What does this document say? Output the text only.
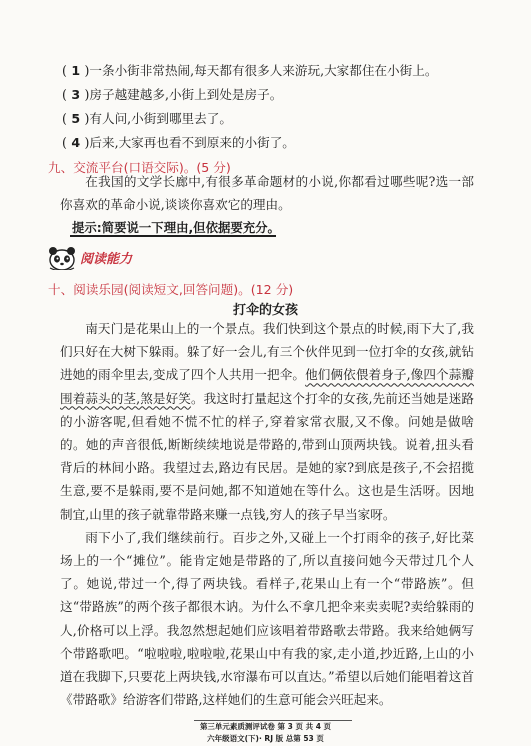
( 1 )一条小街非常热闹,每天都有很多人来游玩,大家都住在小街上。
( 3 )房子越建越多,小街上到处是房子。
( 5 )有人问,小街到哪里去了。
( 4 )后来,大家再也看不到原来的小街了。
九、交流平台(口语交际)。(5 分)

在我国的文学长廊中,有很多革命题材的小说,你都看过哪些呢?选一部你喜欢的革命小说,谈谈你喜欢它的理由。

提示:简要说一下理由,但依据要充分。
阅读能力
十、阅读乐园(阅读短文,回答问题)。(12 分)
打伞的女孩

南天门是花果山上的一个景点。我们快到这个景点的时候,雨下大了,我们只好在大树下躲雨。躲了好一会儿,有三个伙伴见到一位打伞的女孩,就钻进她的雨伞里去,变成了四个人共用一把伞。他们俩依偎着身子,像四个蒜瓣围着蒜头的茎,煞是好笑。我这时打量起这个打伞的女孩,先前还当她是迷路的小游客呢,但看她不慌不忙的样子,穿着家常衣服,又不像。问她是做啥的。她的声音很低,断断续续地说是带路的,带到山顶两块钱。说着,扭头看背后的林间小路。我望过去,路边有民居。是她的家?到底是孩子,不会招揽生意,要不是躲雨,要不是问她,都不知道她在等什么。这也是生活呀。因地制宜,山里的孩子就靠带路来赚一点钱,穷人的孩子早当家呀。

雨下小了,我们继续前行。百步之外,又碰上一个打雨伞的孩子,好比菜场上的一个“摊位”。能肯定她是带路的了,所以直接问她今天带过几个人了。她说,带过一个,得了两块钱。看样子,花果山上有一个“带路族”。但这“带路族”的两个孩子都很木讷。为什么不拿几把伞来卖卖呢?卖给躲雨的人,价格可以上浮。我忽然想起她们应该唱着带路歌去带路。我来给她俩写个带路歌吧。“啦啦啦,啦啦啦,花果山中有我的家,走小道,抄近路,上山的小道在我脚下,只要花上两块钱,水帘瀑布可以直达。”希望以后她们能唱着这首《带路歌》给游客们带路,这样她们的生意可能会兴旺起来。

第三单元素质测评试卷 第 3 页 共 4 页
六年级语文(下)· RJ 版 总第 53 页
